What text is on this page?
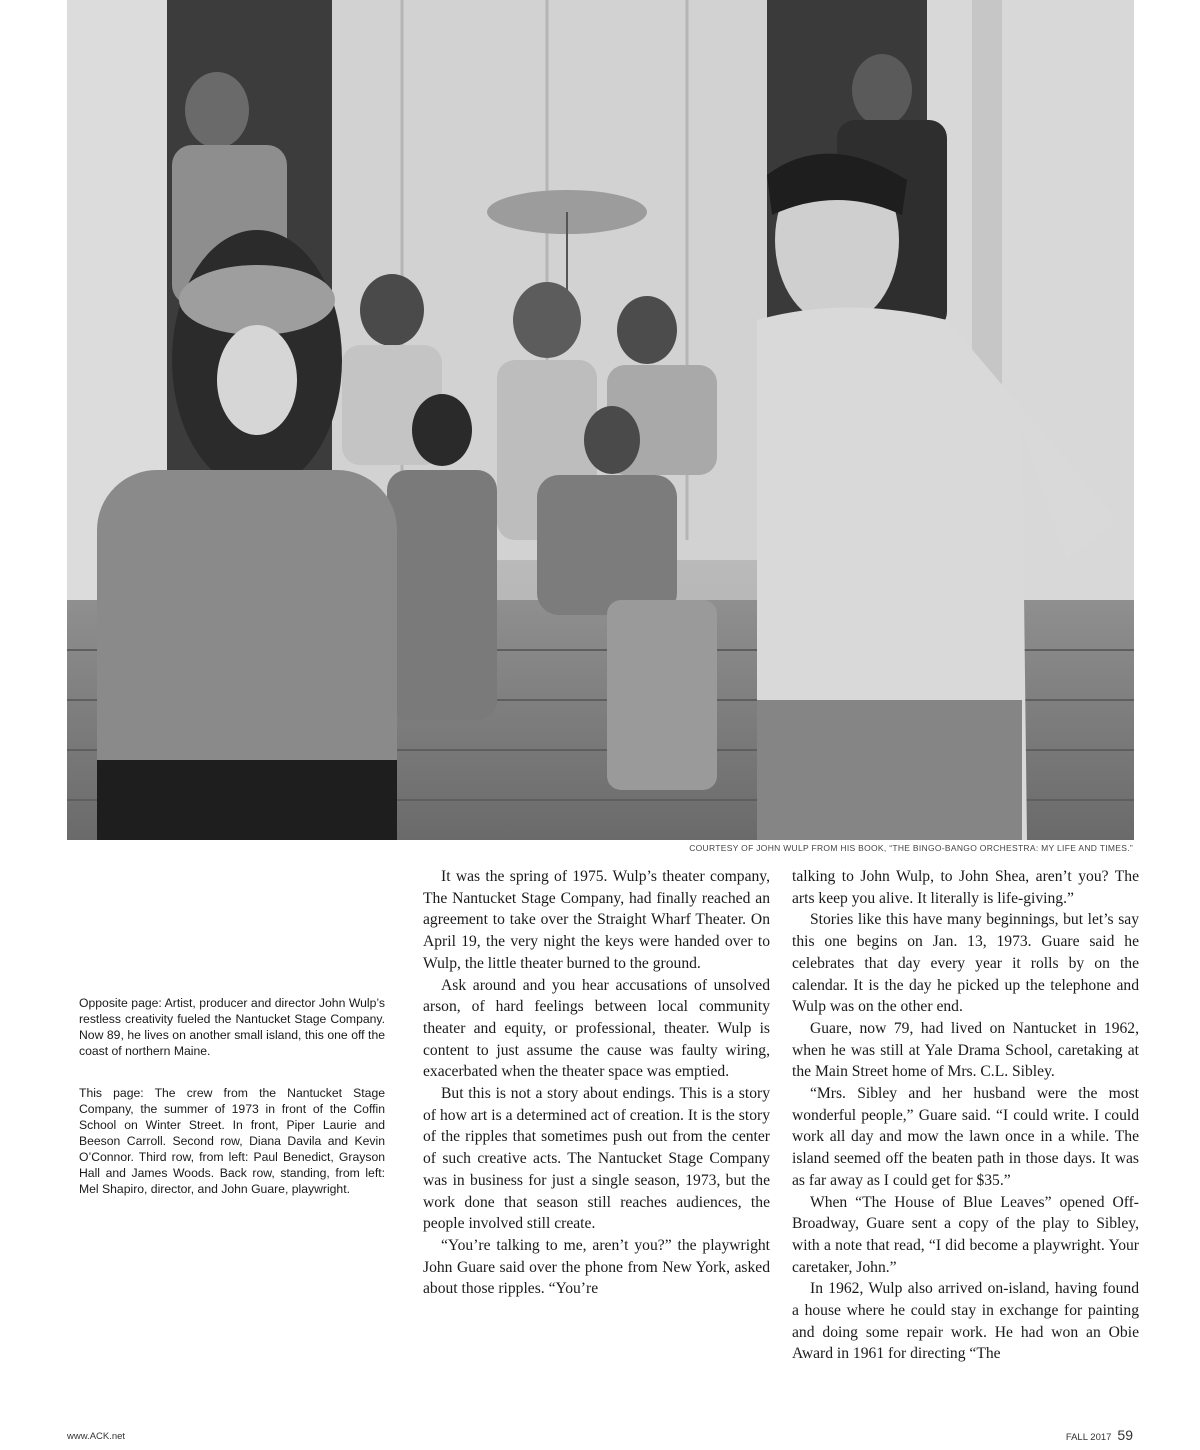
COURTESY OF JOHN WULP FROM HIS BOOK, “THE BINGO-BANGO ORCHESTRA: MY LIFE AND TIMES.”

Opposite page: Artist, producer and director John Wulp’s restless creativity fueled the Nantucket Stage Company. Now 89, he lives on another small island, this one off the coast of northern Maine.

This page: The crew from the Nantucket Stage Company, the summer of 1973 in front of the Coffin School on Winter Street. In front, Piper Laurie and Beeson Carroll. Second row, Diana Davila and Kevin O’Connor. Third row, from left: Paul Benedict, Grayson Hall and James Woods. Back row, standing, from left: Mel Shapiro, director, and John Guare, playwright.

It was the spring of 1975. Wulp’s theater company, The Nantucket Stage Company, had finally reached an agreement to take over the Straight Wharf Theater. On April 19, the very night the keys were handed over to Wulp, the little theater burned to the ground.

Ask around and you hear accusations of unsolved arson, of hard feelings between local community theater and equity, or professional, theater. Wulp is content to just assume the cause was faulty wiring, exacerbated when the theater space was emptied.

But this is not a story about endings. This is a story of how art is a determined act of creation. It is the story of the ripples that sometimes push out from the center of such creative acts. The Nantucket Stage Company was in business for just a single season, 1973, but the work done that season still reaches audiences, the people involved still create.

“You’re talking to me, aren’t you?” the playwright John Guare said over the phone from New York, asked about those ripples. “You’re

talking to John Wulp, to John Shea, aren’t you? The arts keep you alive. It literally is life-giving.”

Stories like this have many beginnings, but let’s say this one begins on Jan. 13, 1973. Guare said he celebrates that day every year it rolls by on the calendar. It is the day he picked up the telephone and Wulp was on the other end.

Guare, now 79, had lived on Nantucket in 1962, when he was still at Yale Drama School, caretaking at the Main Street home of Mrs. C.L. Sibley.

“Mrs. Sibley and her husband were the most wonderful people,” Guare said. “I could write. I could work all day and mow the lawn once in a while. The island seemed off the beaten path in those days. It was as far away as I could get for $35.”

When “The House of Blue Leaves” opened Off-Broadway, Guare sent a copy of the play to Sibley, with a note that read, “I did become a playwright. Your caretaker, John.”

In 1962, Wulp also arrived on-island, having found a house where he could stay in exchange for painting and doing some repair work. He had won an Obie Award in 1961 for directing “The

www.ACK.net	FALL 2017 59
